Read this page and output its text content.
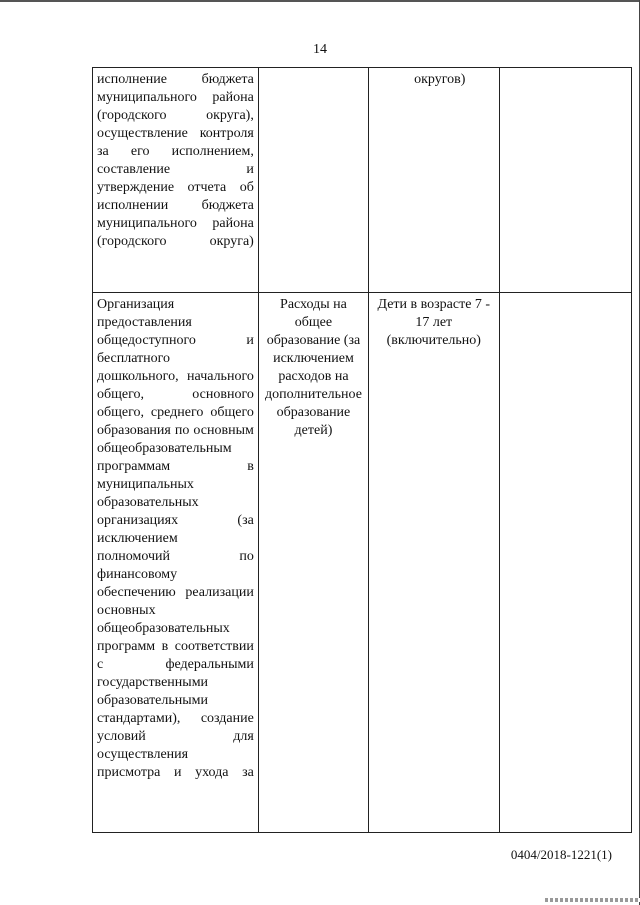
14
исполнение бюджета муниципального района (городского округа), осуществление контроля за его исполнением, составление и утверждение отчета об исполнении бюджета муниципального района (городского округа)		округов)	

Организация предоставления общедоступного и бесплатного дошкольного, начального общего, основного общего, среднего общего образования по основным общеобразовательным программам в муниципальных образовательных организациях (за исключением полномочий по финансовому обеспечению реализации основных общеобразовательных программ в соответствии с федеральными государственными образовательными стандартами), создание условий для осуществления присмотра и ухода за	Расходы на общее образование (за исключением расходов на дополнительное образование детей)	Дети в возрасте 7 - 17 лет (включительно)	

0404/2018-1221(1)
